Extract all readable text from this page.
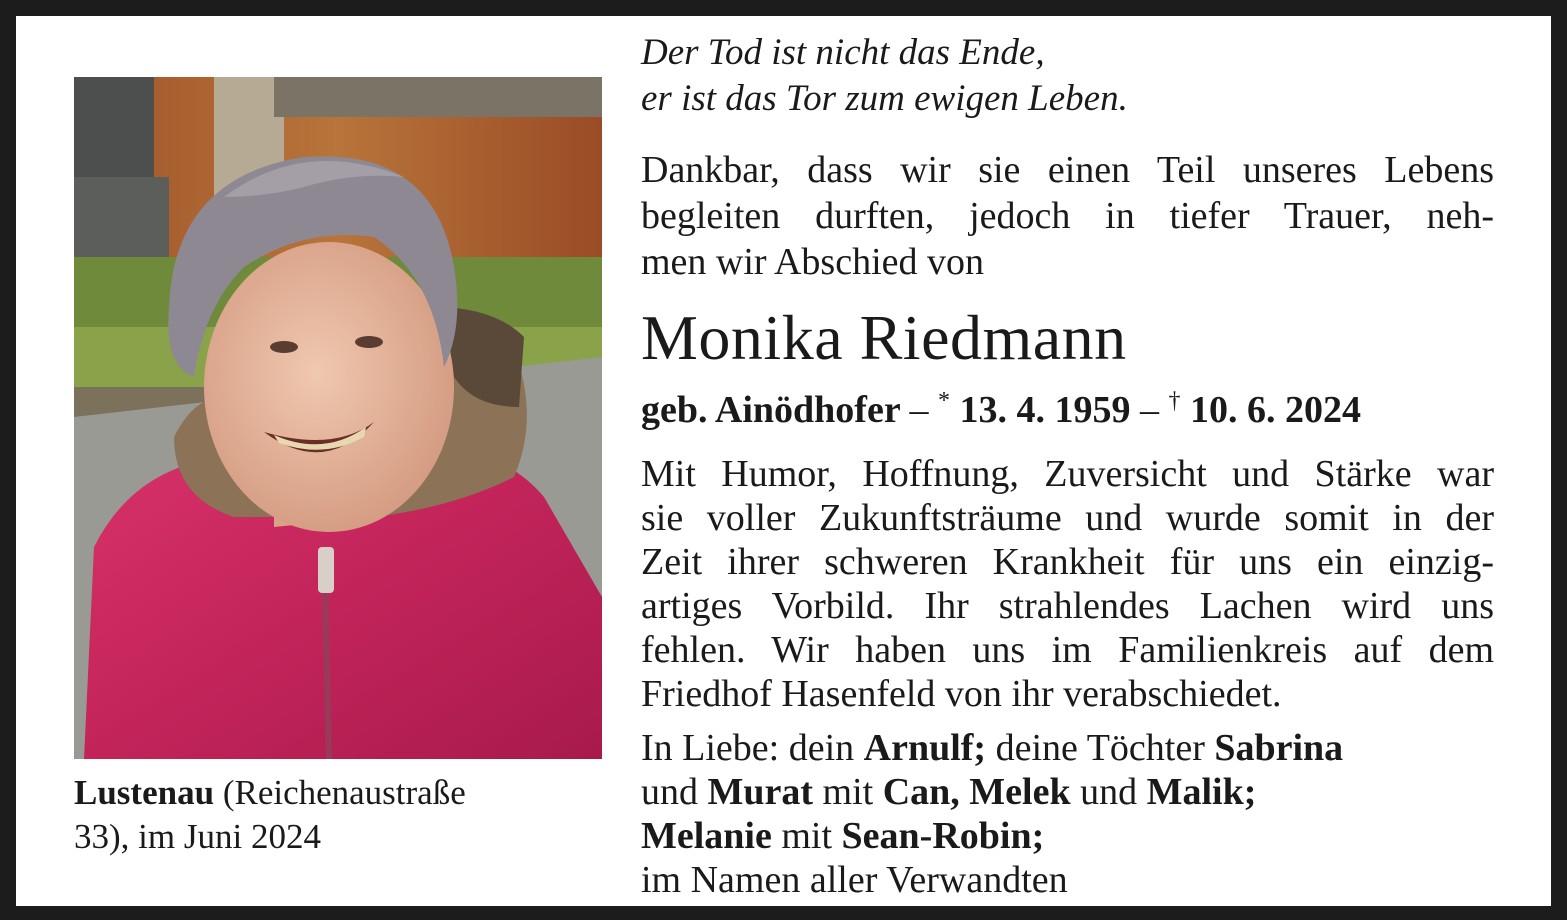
Lustenau (Reichenaustraße
33), im Juni 2024
Der Tod ist nicht das Ende,
er ist das Tor zum ewigen Leben.
Dankbar, dass wir sie einen Teil unseres Lebens
begleiten durften, jedoch in tiefer Trauer, neh-
men wir Abschied von
Monika Riedmann
geb. Ainödhofer – * 13. 4. 1959 – † 10. 6. 2024
Mit Humor, Hoffnung, Zuversicht und Stärke war
sie voller Zukunftsträume und wurde somit in der
Zeit ihrer schweren Krankheit für uns ein einzig-
artiges Vorbild. Ihr strahlendes Lachen wird uns
fehlen. Wir haben uns im Familienkreis auf dem
Friedhof Hasenfeld von ihr verabschiedet.
In Liebe: dein Arnulf; deine Töchter Sabrina
und Murat mit Can, Melek und Malik;
Melanie mit Sean-Robin;
im Namen aller Verwandten
